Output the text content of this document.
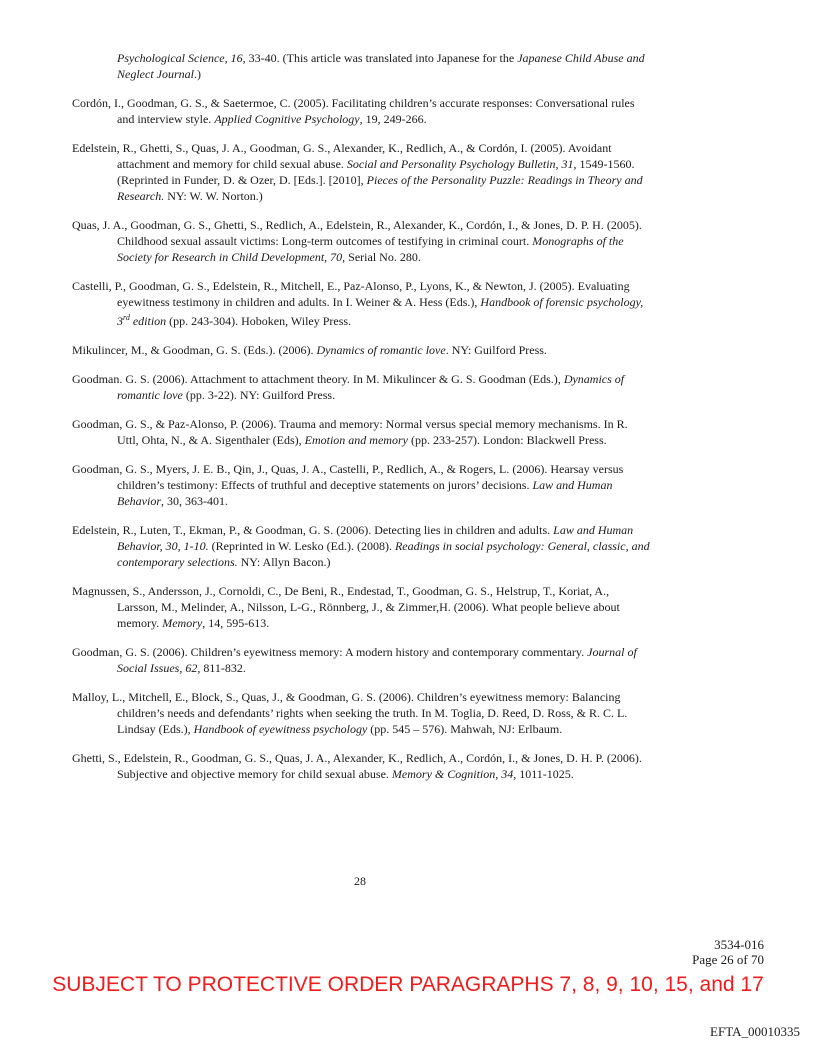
Psychological Science, 16, 33-40. (This article was translated into Japanese for the Japanese Child Abuse and Neglect Journal.)

Cordón, I., Goodman, G. S., & Saetermoe, C. (2005). Facilitating children’s accurate responses: Conversational rules and interview style. Applied Cognitive Psychology, 19, 249-266.

Edelstein, R., Ghetti, S., Quas, J. A., Goodman, G. S., Alexander, K., Redlich, A., & Cordón, I. (2005). Avoidant attachment and memory for child sexual abuse. Social and Personality Psychology Bulletin, 31, 1549-1560. (Reprinted in Funder, D. & Ozer, D. [Eds.]. [2010], Pieces of the Personality Puzzle: Readings in Theory and Research. NY: W. W. Norton.)

Quas, J. A., Goodman, G. S., Ghetti, S., Redlich, A., Edelstein, R., Alexander, K., Cordón, I., & Jones, D. P. H. (2005). Childhood sexual assault victims: Long-term outcomes of testifying in criminal court. Monographs of the Society for Research in Child Development, 70, Serial No. 280.

Castelli, P., Goodman, G. S., Edelstein, R., Mitchell, E., Paz-Alonso, P., Lyons, K., & Newton, J. (2005). Evaluating eyewitness testimony in children and adults. In I. Weiner & A. Hess (Eds.), Handbook of forensic psychology, 3rd edition (pp. 243-304). Hoboken, Wiley Press.

Mikulincer, M., & Goodman, G. S. (Eds.). (2006). Dynamics of romantic love. NY: Guilford Press.

Goodman. G. S. (2006). Attachment to attachment theory. In M. Mikulincer & G. S. Goodman (Eds.), Dynamics of romantic love (pp. 3-22). NY: Guilford Press.

Goodman, G. S., & Paz-Alonso, P. (2006). Trauma and memory: Normal versus special memory mechanisms. In R. Uttl, Ohta, N., & A. Sigenthaler (Eds), Emotion and memory (pp. 233-257). London: Blackwell Press.

Goodman, G. S., Myers, J. E. B., Qin, J., Quas, J. A., Castelli, P., Redlich, A., & Rogers, L. (2006). Hearsay versus children’s testimony: Effects of truthful and deceptive statements on jurors’ decisions. Law and Human Behavior, 30, 363-401.

Edelstein, R., Luten, T., Ekman, P., & Goodman, G. S. (2006). Detecting lies in children and adults. Law and Human Behavior, 30, 1-10. (Reprinted in W. Lesko (Ed.). (2008). Readings in social psychology: General, classic, and contemporary selections. NY: Allyn Bacon.)

Magnussen, S., Andersson, J., Cornoldi, C., De Beni, R., Endestad, T., Goodman, G. S., Helstrup, T., Koriat, A., Larsson, M., Melinder, A., Nilsson, L-G., Rönnberg, J., & Zimmer,H. (2006). What people believe about memory. Memory, 14, 595-613.

Goodman, G. S. (2006). Children’s eyewitness memory: A modern history and contemporary commentary. Journal of Social Issues, 62, 811-832.

Malloy, L., Mitchell, E., Block, S., Quas, J., & Goodman, G. S. (2006). Children’s eyewitness memory: Balancing children’s needs and defendants’ rights when seeking the truth. In M. Toglia, D. Reed, D. Ross, & R. C. L. Lindsay (Eds.), Handbook of eyewitness psychology (pp. 545 – 576). Mahwah, NJ: Erlbaum.

Ghetti, S., Edelstein, R., Goodman, G. S., Quas, J. A., Alexander, K., Redlich, A., Cordón, I., & Jones, D. H. P. (2006). Subjective and objective memory for child sexual abuse. Memory & Cognition, 34, 1011-1025.

28
3534-016
Page 26 of 70
SUBJECT TO PROTECTIVE ORDER PARAGRAPHS 7, 8, 9, 10, 15, and 17
EFTA_00010335
